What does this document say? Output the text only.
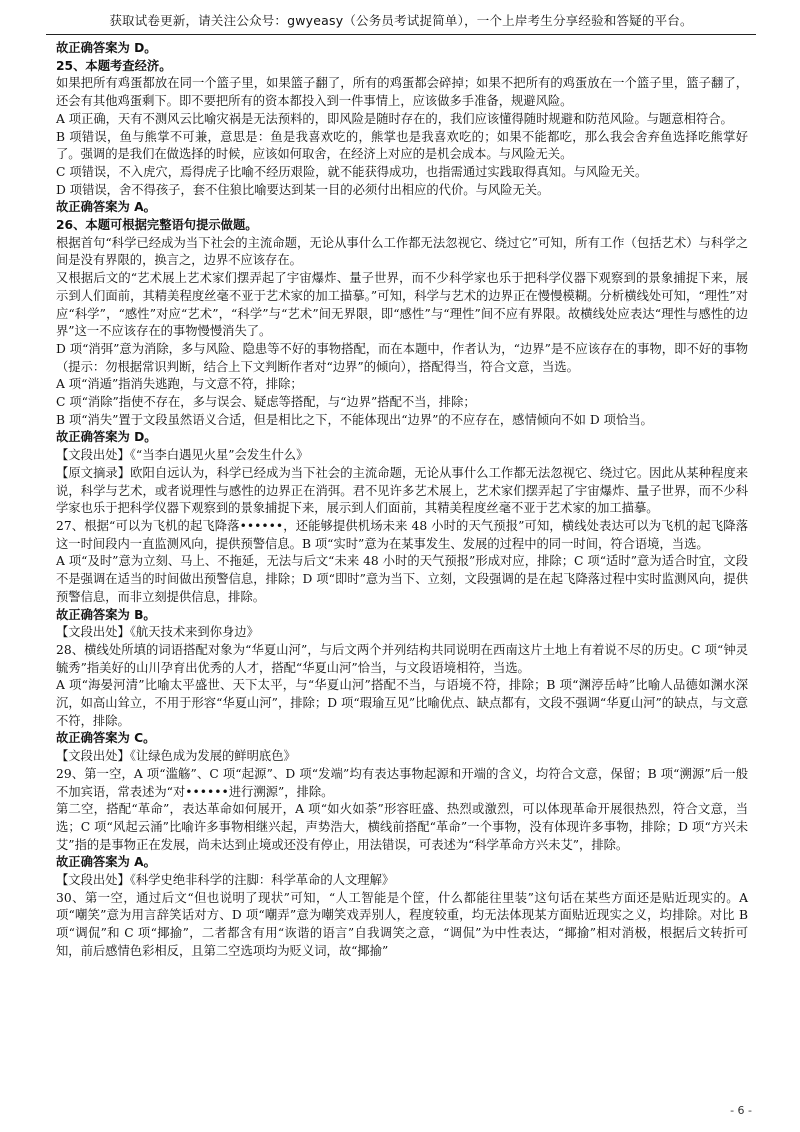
获取试卷更新，请关注公众号：gwyeasy（公务员考试捉简单），一个上岸考生分享经验和答疑的平台。

故正确答案为 D。

25、本题考查经济。

如果把所有鸡蛋都放在同一个篮子里，如果篮子翻了，所有的鸡蛋都会碎掉；如果不把所有的鸡蛋放在一个篮子里，篮子翻了，还会有其他鸡蛋剩下。即不要把所有的资本都投入到一件事情上，应该做多手准备，规避风险。

A 项正确，天有不测风云比喻灾祸是无法预料的，即风险是随时存在的，我们应该懂得随时规避和防范风险。与题意相符合。

B 项错误，鱼与熊掌不可兼，意思是：鱼是我喜欢吃的，熊掌也是我喜欢吃的；如果不能都吃，那么我会舍弃鱼选择吃熊掌好了。强调的是我们在做选择的时候，应该如何取舍，在经济上对应的是机会成本。与风险无关。

C 项错误，不入虎穴，焉得虎子比喻不经历艰险，就不能获得成功，也指需通过实践取得真知。与风险无关。

D 项错误，舍不得孩子，套不住狼比喻要达到某一目的必须付出相应的代价。与风险无关。

故正确答案为 A。

26、本题可根据完整语句提示做题。

根据首句“科学已经成为当下社会的主流命题，无论从事什么工作都无法忽视它、绕过它”可知，所有工作（包括艺术）与科学之间是没有界限的，换言之，边界不应该存在。

又根据后文的“艺术展上艺术家们摆弄起了宇宙爆炸、量子世界，而不少科学家也乐于把科学仪器下观察到的景象捕捉下来，展示到人们面前，其精美程度丝毫不亚于艺术家的加工描摹。”可知，科学与艺术的边界正在慢慢模糊。分析横线处可知，“理性”对应“科学”，“感性”对应“艺术”，“科学”与“艺术”间无界限，即“感性”与“理性”间不应有界限。故横线处应表达“理性与感性的边界”这一不应该存在的事物慢慢消失了。

D 项“消弭”意为消除，多与风险、隐患等不好的事物搭配，而在本题中，作者认为，“边界”是不应该存在的事物，即不好的事物（提示：勿根据常识判断，结合上下文判断作者对“边界”的倾向），搭配得当，符合文意，当选。

A 项“消遁”指消失逃跑，与文意不符，排除；

C 项“消除”指使不存在，多与误会、疑虑等搭配，与“边界”搭配不当，排除；

B 项“消失”置于文段虽然语义合适，但是相比之下，不能体现出“边界”的不应存在，感情倾向不如 D 项恰当。

故正确答案为 D。

【文段出处】《“当李白遇见火星”会发生什么》

【原文摘录】欧阳自远认为，科学已经成为当下社会的主流命题，无论从事什么工作都无法忽视它、绕过它。因此从某种程度来说，科学与艺术，或者说理性与感性的边界正在消弭。君不见许多艺术展上，艺术家们摆弄起了宇宙爆炸、量子世界，而不少科学家也乐于把科学仪器下观察到的景象捕捉下来，展示到人们面前，其精美程度丝毫不亚于艺术家的加工描摹。

27、根据“可以为飞机的起飞降落••••••，还能够提供机场未来 48 小时的天气预报”可知，横线处表达可以为飞机的起飞降落这一时间段内一直监测风向，提供预警信息。B 项“实时”意为在某事发生、发展的过程中的同一时间，符合语境，当选。

A 项“及时”意为立刻、马上、不拖延，无法与后文“未来 48 小时的天气预报”形成对应，排除；C 项“适时”意为适合时宜，文段不是强调在适当的时间做出预警信息，排除；D 项“即时”意为当下、立刻，文段强调的是在起飞降落过程中实时监测风向，提供预警信息，而非立刻提供信息，排除。

故正确答案为 B。

【文段出处】《航天技术来到你身边》

28、横线处所填的词语搭配对象为“华夏山河”，与后文两个并列结构共同说明在西南这片土地上有着说不尽的历史。C 项“钟灵毓秀”指美好的山川孕育出优秀的人才，搭配“华夏山河”恰当，与文段语境相符，当选。

A 项“海晏河清”比喻太平盛世、天下太平，与“华夏山河”搭配不当，与语境不符，排除；B 项“渊渟岳峙”比喻人品德如渊水深沉，如高山耸立，不用于形容“华夏山河”，排除；D 项“瑕瑜互见”比喻优点、缺点都有，文段不强调“华夏山河”的缺点，与文意不符，排除。

故正确答案为 C。

【文段出处】《让绿色成为发展的鲜明底色》

29、第一空，A 项“滥觞”、C 项“起源”、D 项“发端”均有表达事物起源和开端的含义，均符合文意，保留；B 项“溯源”后一般不加宾语，常表述为“对••••••进行溯源”，排除。

第二空，搭配“革命”，表达革命如何展开，A 项“如火如荼”形容旺盛、热烈或激烈，可以体现革命开展很热烈，符合文意，当选；C 项“风起云涌”比喻许多事物相继兴起，声势浩大，横线前搭配“革命”一个事物，没有体现许多事物，排除；D 项“方兴未艾”指的是事物正在发展，尚未达到止境或还没有停止，用法错误，可表述为“科学革命方兴未艾”，排除。

故正确答案为 A。

【文段出处】《科学史绝非科学的注脚：科学革命的人文理解》

30、第一空，通过后文“但也说明了现状”可知，“人工智能是个筐，什么都能往里装”这句话在某些方面还是贴近现实的。A 项“嘲笑”意为用言辞笑话对方、D 项“嘲弄”意为嘲笑戏弄别人，程度较重，均无法体现某方面贴近现实之义，均排除。对比 B 项“调侃”和 C 项“揶揄”，二者都含有用“诙谐的语言”自我调笑之意，“调侃”为中性表达，“揶揄”相对消极，根据后文转折可知，前后感情色彩相反，且第二空选项均为贬义词，故“揶揄”

- 6 -
